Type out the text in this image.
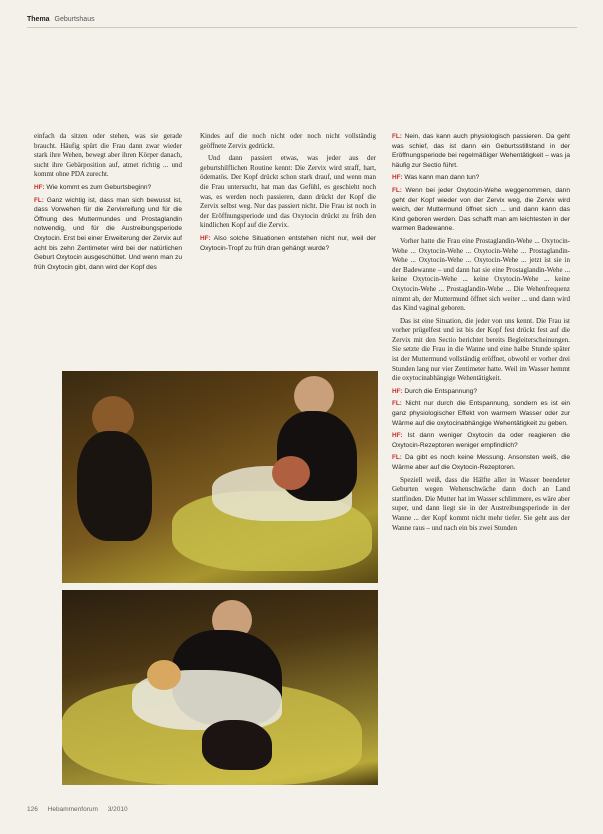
Thema Geburtshaus

einfach da sitzen oder stehen, was sie gerade braucht. Häufig spürt die Frau dann zwar wieder stark ihre Wehen, bewegt aber ihren Körper danach, sucht ihre Gebärposition auf, atmet richtig ... und kommt ohne PDA zurecht.

HF: Wie kommt es zum Geburtsbeginn?

FL: Ganz wichtig ist, dass man sich bewusst ist, dass Vorwehen für die Zervixreifung und für die Öffnung des Muttermundes und Prostaglandin notwendig, und für die Austreibungsperiode Oxytocin. Erst bei einer Erweiterung der Zervix auf acht bis zehn Zentimeter wird bei der natürlichen Geburt Oxytocin ausgeschüttet. Und wenn man zu früh Oxytocin gibt, dann wird der Kopf des

Kindes auf die noch nicht oder noch nicht vollständig geöffnete Zervix gedrückt.

Und dann passiert etwas, was jeder aus der geburtshilflichen Routine kennt: Die Zervix wird straff, hart, ödematös. Der Kopf drückt schon stark drauf, und wenn man die Frau untersucht, hat man das Gefühl, es geschieht noch was, es werden noch passieren, dann drückt der Kopf die Zervix selbst weg. Nur das passiert nicht. Die Frau ist noch in der Eröffnungsperiode und das Oxytocin drückt zu früh den kindlichen Kopf auf die Zervix.

HF: Also solche Situationen entstehen nicht nur, weil der Oxytocin-Tropf zu früh dran gehängt wurde?

FL: Nein, das kann auch physiologisch passieren. Da geht was schief, das ist dann ein Geburtsstillstand in der Eröffnungsperiode bei regelmäßiger Wehentätigkeit – was ja häufig zur Sectio führt.

HF: Was kann man dann tun?

FL: Wenn bei jeder Oxytocin-Wehe weggenommen, dann geht der Kopf wieder von der Zervix weg, die Zervix wird weich, der Muttermund öffnet sich ... und dann kann das Kind geboren werden. Das schafft man am leichtesten in der warmen Badewanne.

Vorher hatte die Frau eine Prostaglandin-Wehe ... Oxytocin-Wehe ... Oxytocin-Wehe ... Oxytocin-Wehe ... Prostaglandin-Wehe ... Oxytocin-Wehe ... Oxytocin-Wehe ... jetzt ist sie in der Badewanne – und dann hat sie eine Prostaglandin-Wehe ... keine Oxytocin-Wehe ... keine Oxytocin-Wehe ... keine Oxytocin-Wehe ... Prostaglandin-Wehe ... Die Wehenfrequenz nimmt ab, der Muttermund öffnet sich weiter ... und dann wird das Kind vaginal geboren.

Das ist eine Situation, die jeder von uns kennt. Die Frau ist vorher prügelfest und ist bis der Kopf fest drückt fest auf die Zervix mit den Sectio berichtet bereits Begleiterscheinungen. Sie setzte die Frau in die Wanne und eine halbe Stunde später ist der Muttermund vollständig eröffnet, obwohl er vorher drei Stunden lang nur vier Zentimeter hatte. Weil im Wasser hemmt die oxytocinabhängige Wehentätigkeit.

HF: Durch die Entspannung?

FL: Nicht nur durch die Entspannung, sondern es ist ein ganz physiologischer Effekt von warmem Wasser oder zur Wärme auf die oxytocinabhängige Wehentätigkeit zu geben.

HF: Ist dann weniger Oxytocin da oder reagieren die Oxytocin-Rezeptoren weniger empfindlich?

FL: Da gibt es noch keine Messung. Ansonsten weiß, die Wärme aber auf die Oxytocin-Rezeptoren.

Speziell weiß, dass die Hälfte aller in Wasser beendeter Geburten wegen Wehenschwäche dann doch an Land stattfinden. Die Mutter hat im Wasser schlimmere, es wäre aber super, und dann liegt sie in der Austreibungsperiode in der Wanne ... der Kopf kommt nicht mehr tiefer. Sie geht aus der Wanne raus – und nach ein bis zwei Stunden

126 Hebammenforum 3/2010
